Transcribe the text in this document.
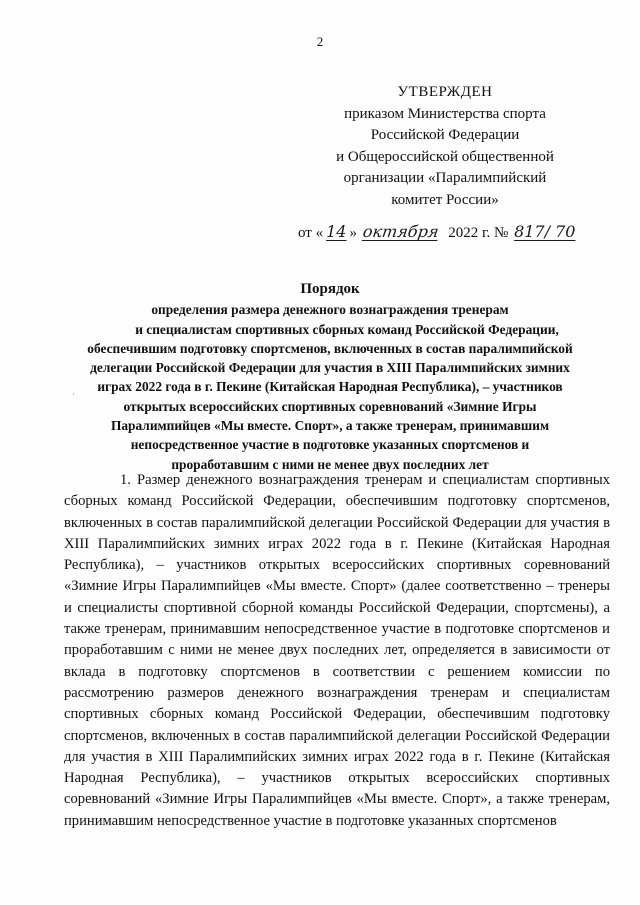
2
УТВЕРЖДЕН
приказом Министерства спорта
Российской Федерации
и Общероссийской общественной
организации «Паралимпийский
комитет России»
от « 14 » октября 2022 г. № 817/ 70
Порядок
определения размера денежного вознаграждения тренерам
и специалистам спортивных сборных команд Российской Федерации,
обеспечившим подготовку спортсменов, включенных в состав паралимпийской
делегации Российской Федерации для участия в XIII Паралимпийских зимних
играх 2022 года в г. Пекине (Китайская Народная Республика), – участников
открытых всероссийских спортивных соревнований «Зимние Игры
Паралимпийцев «Мы вместе. Спорт», а также тренерам, принимавшим
непосредственное участие в подготовке указанных спортсменов и
проработавшим с ними не менее двух последних лет
·
1. Размер денежного вознаграждения тренерам и специалистам спортивных сборных команд Российской Федерации, обеспечившим подготовку спортсменов, включенных в состав паралимпийской делегации Российской Федерации для участия в XIII Паралимпийских зимних играх 2022 года в г. Пекине (Китайская Народная Республика), – участников открытых всероссийских спортивных соревнований «Зимние Игры Паралимпийцев «Мы вместе. Спорт» (далее соответственно – тренеры и специалисты спортивной сборной команды Российской Федерации, спортсмены), а также тренерам, принимавшим непосредственное участие в подготовке спортсменов и проработавшим с ними не менее двух последних лет, определяется в зависимости от вклада в подготовку спортсменов в соответствии с решением комиссии по рассмотрению размеров денежного вознаграждения тренерам и специалистам спортивных сборных команд Российской Федерации, обеспечившим подготовку спортсменов, включенных в состав паралимпийской делегации Российской Федерации для участия в XIII Паралимпийских зимних играх 2022 года в г. Пекине (Китайская Народная Республика), – участников открытых всероссийских спортивных соревнований «Зимние Игры Паралимпийцев «Мы вместе. Спорт», а также тренерам, принимавшим непосредственное участие в подготовке указанных спортсменов
